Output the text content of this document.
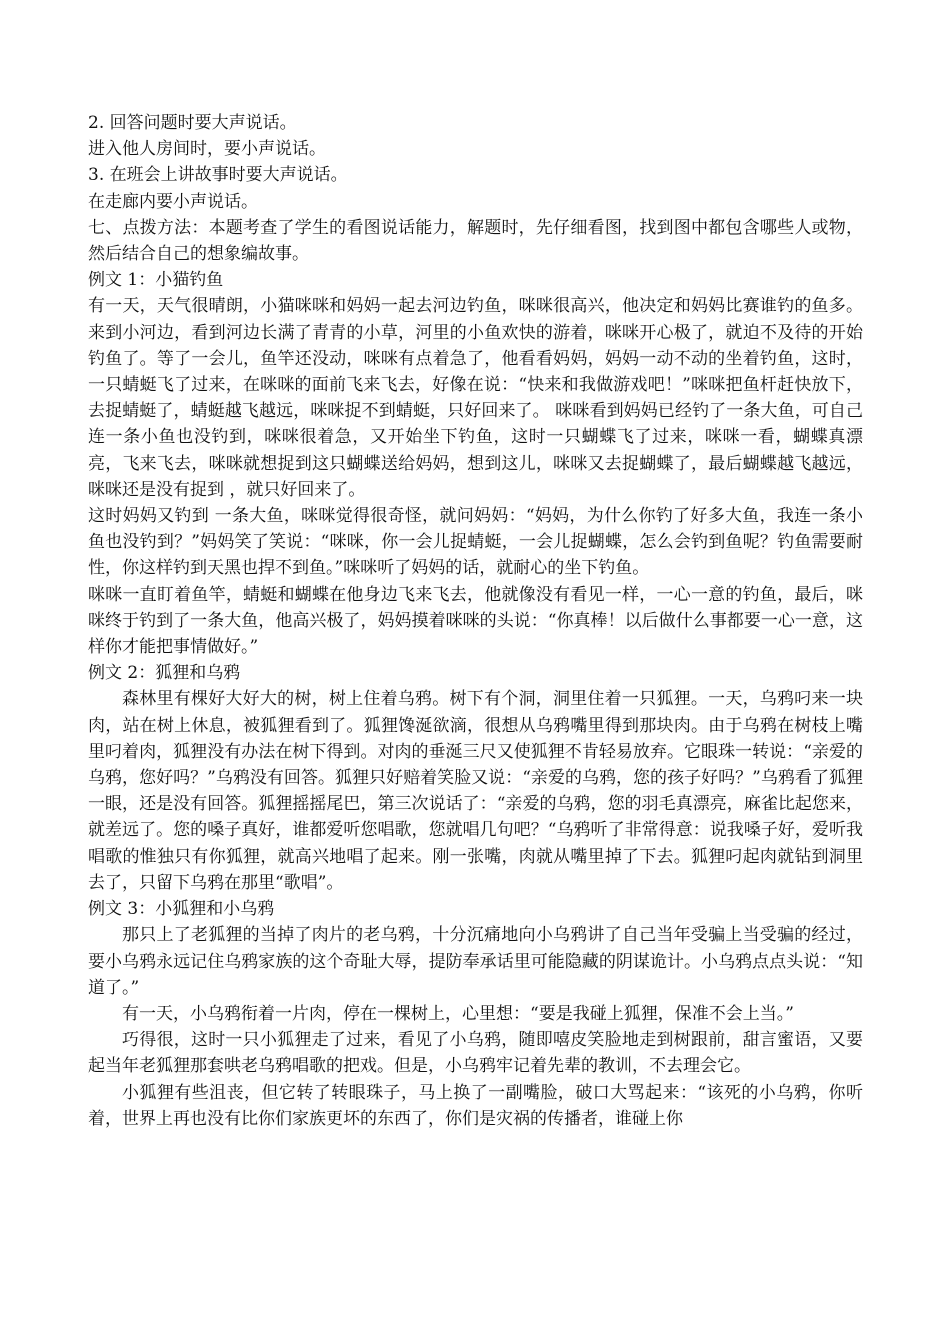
2. 回答问题时要大声说话。

进入他人房间时，要小声说话。

3. 在班会上讲故事时要大声说话。

在走廊内要小声说话。

七、点拨方法：本题考查了学生的看图说话能力，解题时，先仔细看图，找到图中都包含哪些人或物，然后结合自己的想象编故事。

例文 1：小猫钓鱼

有一天，天气很晴朗，小猫咪咪和妈妈一起去河边钓鱼，咪咪很高兴，他决定和妈妈比赛谁钓的鱼多。 来到小河边，看到河边长满了青青的小草，河里的小鱼欢快的游着，咪咪开心极了，就迫不及待的开始钓鱼了。等了一会儿，鱼竿还没动，咪咪有点着急了，他看看妈妈，妈妈一动不动的坐着钓鱼，这时，一只蜻蜓飞了过来，在咪咪的面前飞来飞去，好像在说：“快来和我做游戏吧！”咪咪把鱼杆赶快放下，去捉蜻蜓了，蜻蜓越飞越远，咪咪捉不到蜻蜓，只好回来了。 咪咪看到妈妈已经钓了一条大鱼，可自己连一条小鱼也没钓到，咪咪很着急，又开始坐下钓鱼，这时一只蝴蝶飞了过来，咪咪一看，蝴蝶真漂亮，飞来飞去，咪咪就想捉到这只蝴蝶送给妈妈，想到这儿，咪咪又去捉蝴蝶了，最后蝴蝶越飞越远，咪咪还是没有捉到 ，就只好回来了。

这时妈妈又钓到 一条大鱼，咪咪觉得很奇怪，就问妈妈：“妈妈，为什么你钓了好多大鱼，我连一条小鱼也没钓到？”妈妈笑了笑说：“咪咪，你一会儿捉蜻蜓，一会儿捉蝴蝶，怎么会钓到鱼呢？钓鱼需要耐性，你这样钓到天黑也捍不到鱼。”咪咪听了妈妈的话，就耐心的坐下钓鱼。

咪咪一直盯着鱼竿，蜻蜓和蝴蝶在他身边飞来飞去，他就像没有看见一样，一心一意的钓鱼，最后，咪咪终于钓到了一条大鱼，他高兴极了，妈妈摸着咪咪的头说：“你真棒！以后做什么事都要一心一意，这样你才能把事情做好。”

例文 2：狐狸和乌鸦

森林里有棵好大好大的树，树上住着乌鸦。树下有个洞，洞里住着一只狐狸。一天，乌鸦叼来一块肉，站在树上休息，被狐狸看到了。狐狸馋涎欲滴，很想从乌鸦嘴里得到那块肉。由于乌鸦在树枝上嘴里叼着肉，狐狸没有办法在树下得到。对肉的垂涎三尺又使狐狸不肯轻易放弃。它眼珠一转说：“亲爱的乌鸦，您好吗？”乌鸦没有回答。狐狸只好赔着笑脸又说：“亲爱的乌鸦，您的孩子好吗？”乌鸦看了狐狸一眼，还是没有回答。狐狸摇摇尾巴，第三次说话了：“亲爱的乌鸦，您的羽毛真漂亮，麻雀比起您来，就差远了。您的嗓子真好，谁都爱听您唱歌，您就唱几句吧？“乌鸦听了非常得意：说我嗓子好，爱听我唱歌的惟独只有你狐狸，就高兴地唱了起来。刚一张嘴，肉就从嘴里掉了下去。狐狸叼起肉就钻到洞里去了，只留下乌鸦在那里“歌唱”。

例文 3：小狐狸和小乌鸦

那只上了老狐狸的当掉了肉片的老乌鸦，十分沉痛地向小乌鸦讲了自己当年受骗上当受骗的经过，要小乌鸦永远记住乌鸦家族的这个奇耻大辱，提防奉承话里可能隐藏的阴谋诡计。小乌鸦点点头说：“知道了。”

有一天，小乌鸦衔着一片肉，停在一棵树上，心里想：“要是我碰上狐狸，保准不会上当。”

巧得很，这时一只小狐狸走了过来，看见了小乌鸦，随即嘻皮笑脸地走到树跟前，甜言蜜语，又要起当年老狐狸那套哄老乌鸦唱歌的把戏。但是，小乌鸦牢记着先辈的教训，不去理会它。

小狐狸有些沮丧，但它转了转眼珠子，马上换了一副嘴脸，破口大骂起来：“该死的小乌鸦，你听着，世界上再也没有比你们家族更坏的东西了，你们是灾祸的传播者，谁碰上你
